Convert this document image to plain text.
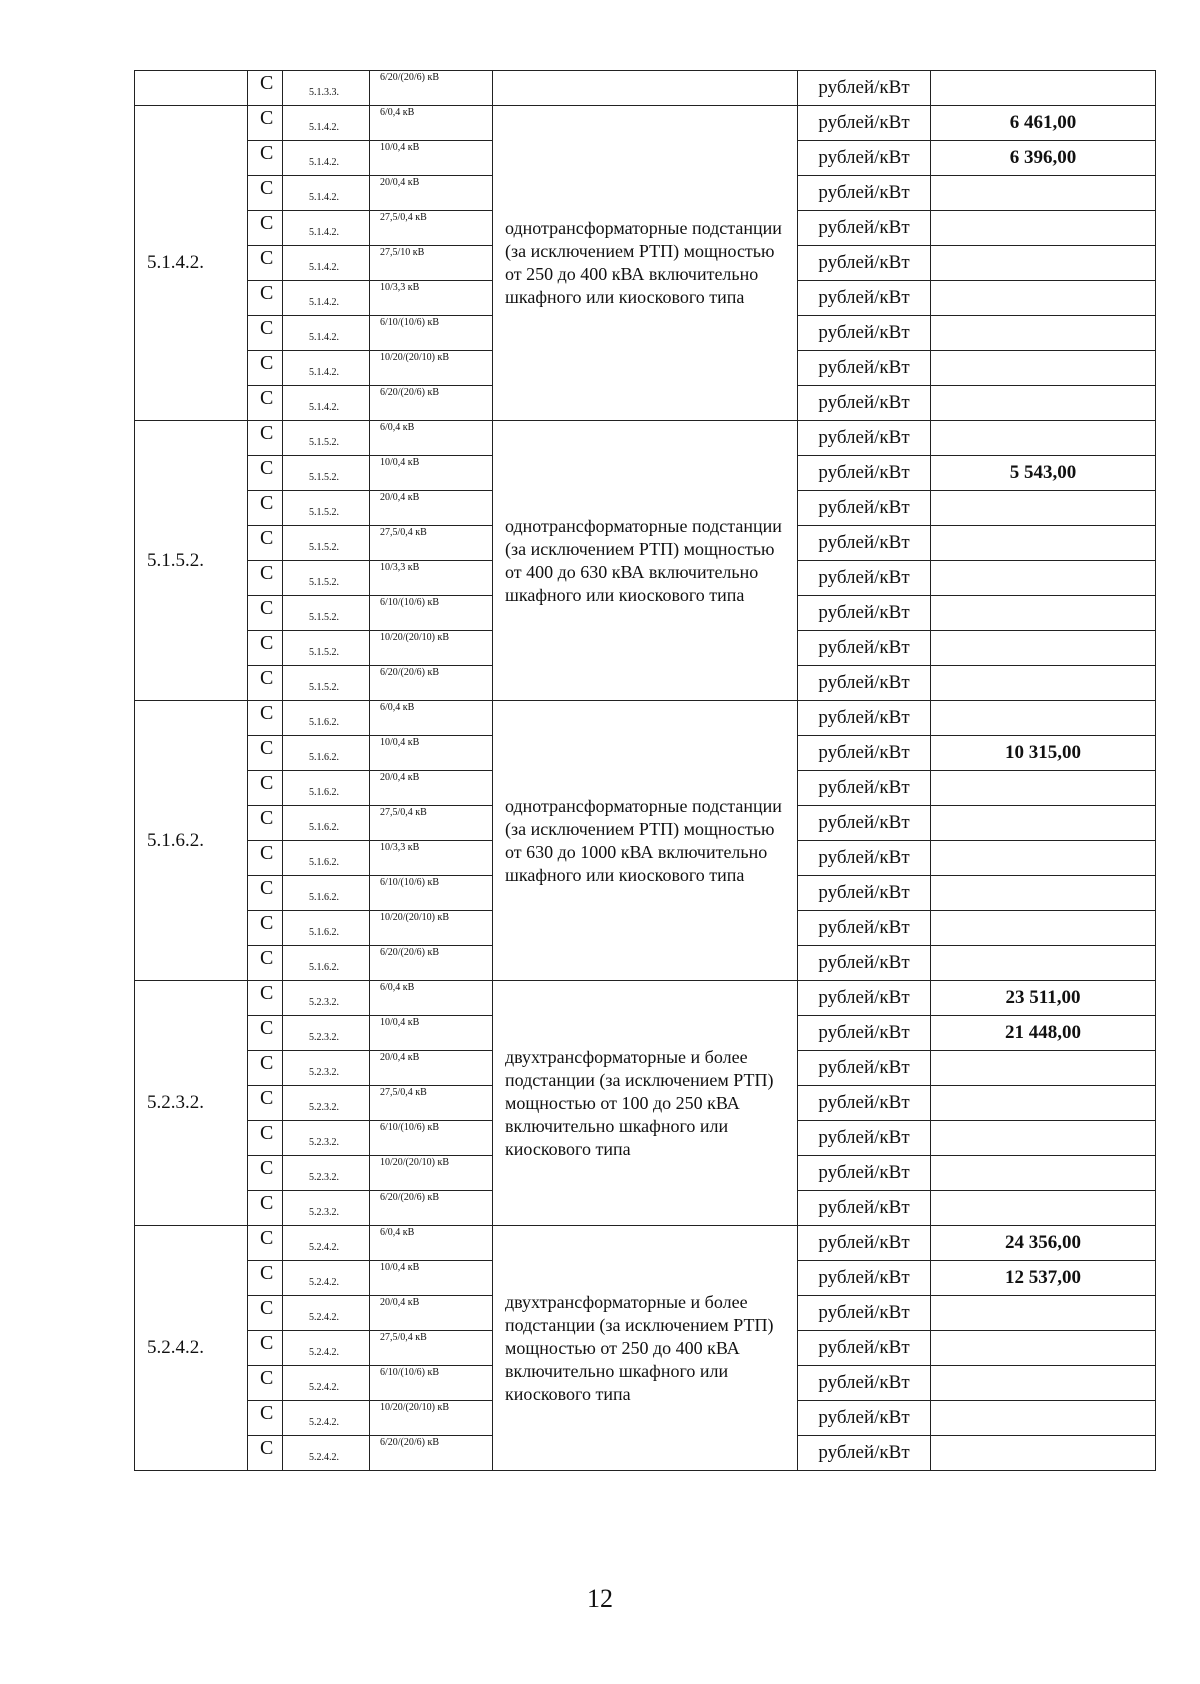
	С	5.1.3.3.	6/20/(20/6) кВ		рублей/кВт	
5.1.4.2.	С	5.1.4.2.	6/0,4 кВ	однотрансформаторные подстанции (за исключением РТП) мощностью от 250 до 400 кВА включительно шкафного или киоскового типа	рублей/кВт	6 461,00
	С	5.1.4.2.	10/0,4 кВ		рублей/кВт	6 396,00
	С	5.1.4.2.	20/0,4 кВ		рублей/кВт	
	С	5.1.4.2.	27,5/0,4 кВ		рублей/кВт	
	С	5.1.4.2.	27,5/10 кВ		рублей/кВт	
	С	5.1.4.2.	10/3,3 кВ		рублей/кВт	
	С	5.1.4.2.	6/10/(10/6) кВ		рублей/кВт	
	С	5.1.4.2.	10/20/(20/10) кВ		рублей/кВт	
	С	5.1.4.2.	6/20/(20/6) кВ		рублей/кВт	
5.1.5.2.	С	5.1.5.2.	6/0,4 кВ	однотрансформаторные подстанции (за исключением РТП) мощностью от 400 до 630 кВА включительно шкафного или киоскового типа	рублей/кВт	
	С	5.1.5.2.	10/0,4 кВ		рублей/кВт	5 543,00
	С	5.1.5.2.	20/0,4 кВ		рублей/кВт	
	С	5.1.5.2.	27,5/0,4 кВ		рублей/кВт	
	С	5.1.5.2.	10/3,3 кВ		рублей/кВт	
	С	5.1.5.2.	6/10/(10/6) кВ		рублей/кВт	
	С	5.1.5.2.	10/20/(20/10) кВ		рублей/кВт	
	С	5.1.5.2.	6/20/(20/6) кВ		рублей/кВт	
5.1.6.2.	С	5.1.6.2.	6/0,4 кВ	однотрансформаторные подстанции (за исключением РТП) мощностью от 630 до 1000 кВА включительно шкафного или киоскового типа	рублей/кВт	
	С	5.1.6.2.	10/0,4 кВ		рублей/кВт	10 315,00
	С	5.1.6.2.	20/0,4 кВ		рублей/кВт	
	С	5.1.6.2.	27,5/0,4 кВ		рублей/кВт	
	С	5.1.6.2.	10/3,3 кВ		рублей/кВт	
	С	5.1.6.2.	6/10/(10/6) кВ		рублей/кВт	
	С	5.1.6.2.	10/20/(20/10) кВ		рублей/кВт	
	С	5.1.6.2.	6/20/(20/6) кВ		рублей/кВт	
5.2.3.2.	С	5.2.3.2.	6/0,4 кВ	двухтрансформаторные и более подстанции (за исключением РТП) мощностью от 100 до 250 кВА включительно шкафного или киоскового типа	рублей/кВт	23 511,00
	С	5.2.3.2.	10/0,4 кВ		рублей/кВт	21 448,00
	С	5.2.3.2.	20/0,4 кВ		рублей/кВт	
	С	5.2.3.2.	27,5/0,4 кВ		рублей/кВт	
	С	5.2.3.2.	6/10/(10/6) кВ		рублей/кВт	
	С	5.2.3.2.	10/20/(20/10) кВ		рублей/кВт	
	С	5.2.3.2.	6/20/(20/6) кВ		рублей/кВт	
5.2.4.2.	С	5.2.4.2.	6/0,4 кВ	двухтрансформаторные и более подстанции (за исключением РТП) мощностью от 250 до 400 кВА включительно шкафного или киоскового типа	рублей/кВт	24 356,00
	С	5.2.4.2.	10/0,4 кВ		рублей/кВт	12 537,00
	С	5.2.4.2.	20/0,4 кВ		рублей/кВт	
	С	5.2.4.2.	27,5/0,4 кВ		рублей/кВт	
	С	5.2.4.2.	6/10/(10/6) кВ		рублей/кВт	
	С	5.2.4.2.	10/20/(20/10) кВ		рублей/кВт	
	С	5.2.4.2.	6/20/(20/6) кВ		рублей/кВт	
12
